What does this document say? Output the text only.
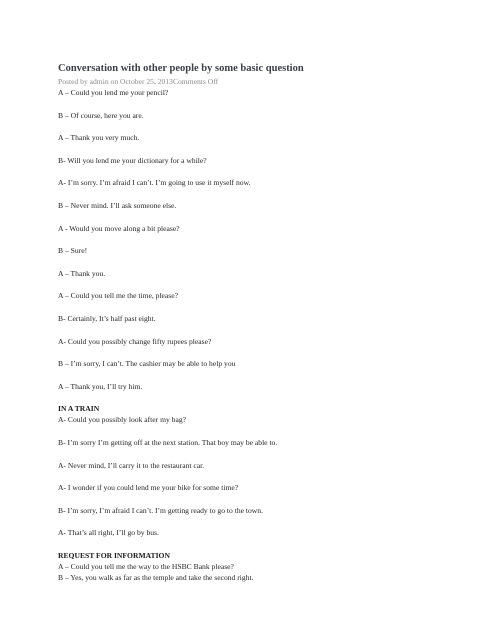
Conversation with other people by some basic question

Posted by admin on October 25, 2013Comments Off

A – Could you lend me your pencil?

B – Of course, here you are.

A – Thank you very much.

B- Will you lend me your dictionary for a while?

A- I’m sorry. I’m afraid I can’t. I’m going to use it myself now.

B – Never mind. I’ll ask someone else.

A - Would you move along a bit please?

B – Sure!

A – Thank you.

A – Could you tell me the time, please?

B- Certainly, It’s half past eight.

A- Could you possibly change fifty rupees please?

B – I’m sorry, I can’t. The cashier may be able to help you

A – Thank you, I’ll try him.

IN A TRAIN

A- Could you possibly look after my bag?

B- I’m sorry I’m getting off at the next station. That boy may be able to.

A- Never mind, I’ll carry it to the restaurant car.

A- I wonder if you could lend me your bike for some time?

B- I’m sorry, I’m afraid I can’t. I’m getting ready to go to the town.

A- That’s all right, I’ll go by bus.

REQUEST FOR INFORMATION

A – Could you tell me the way to the HSBC Bank please?

B – Yes, you walk as far as the temple and take the second right.
